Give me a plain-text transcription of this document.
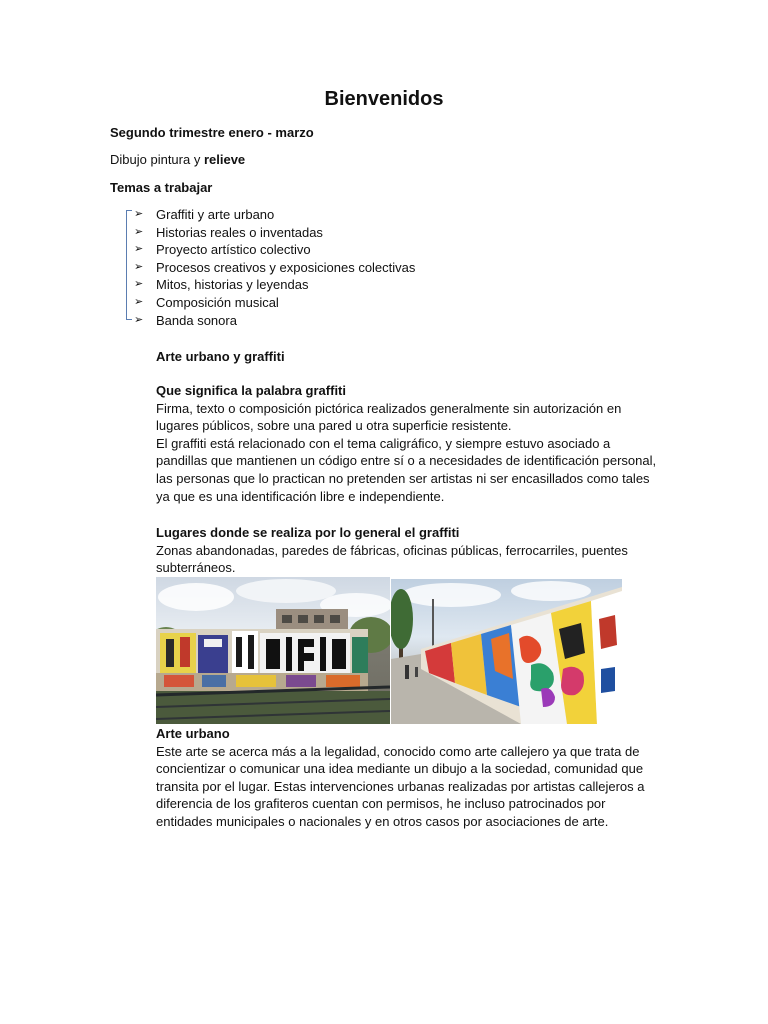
Bienvenidos
Segundo trimestre enero - marzo
Dibujo pintura y relieve
Temas a trabajar
➢ Graffiti y arte urbano
➢ Historias reales o inventadas
➢ Proyecto artístico colectivo
➢ Procesos creativos y exposiciones colectivas
➢ Mitos, historias y leyendas
➢ Composición musical
➢ Banda sonora
Arte urbano y graffiti

Que significa la palabra graffiti

Firma, texto o composición pictórica realizados generalmente sin autorización en

lugares públicos, sobre una pared u otra superficie resistente.

El graffiti está relacionado con el tema caligráfico, y siempre estuvo asociado a

pandillas que mantienen un código entre sí o a necesidades de identificación personal,

las personas que lo practican no pretenden ser artistas ni ser encasillados como tales

ya que es una identificación libre e independiente.

Lugares donde se realiza por lo general el graffiti

Zonas abandonadas, paredes de fábricas, oficinas públicas, ferrocarriles, puentes

subterráneos.

Arte urbano

Este arte se acerca más a la legalidad, conocido como arte callejero ya que trata de

concientizar o comunicar una idea mediante un dibujo a la sociedad, comunidad que

transita por el lugar. Estas intervenciones urbanas realizadas por artistas callejeros a

diferencia de los grafiteros cuentan con permisos, he incluso patrocinados por

entidades municipales o nacionales y en otros casos por asociaciones de arte.
